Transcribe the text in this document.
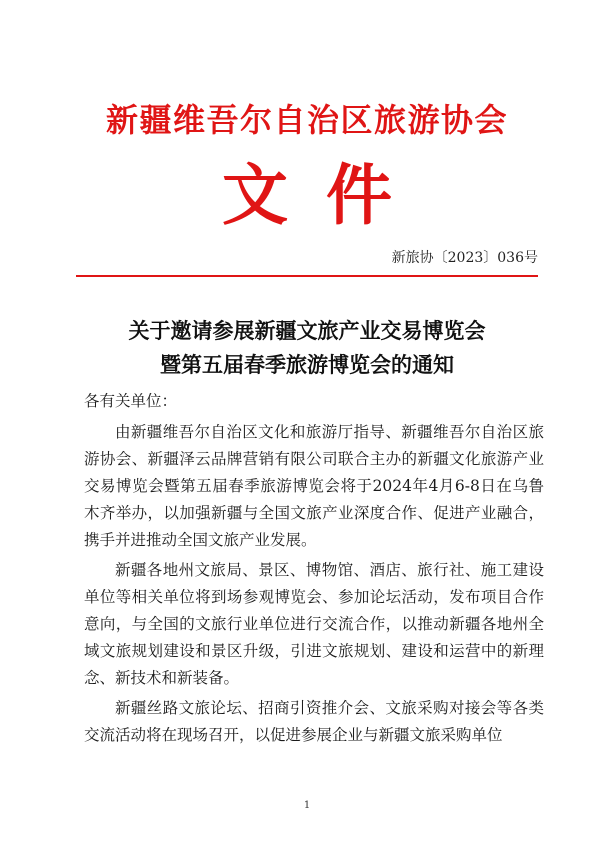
新疆维吾尔自治区旅游协会
文件
新旅协〔2023〕036号
关于邀请参展新疆文旅产业交易博览会
暨第五届春季旅游博览会的通知

各有关单位：

由新疆维吾尔自治区文化和旅游厅指导、新疆维吾尔自治区旅游协会、新疆泽云品牌营销有限公司联合主办的新疆文化旅游产业交易博览会暨第五届春季旅游博览会将于2024年4月6-8日在乌鲁木齐举办，以加强新疆与全国文旅产业深度合作、促进产业融合，携手并进推动全国文旅产业发展。

新疆各地州文旅局、景区、博物馆、酒店、旅行社、施工建设单位等相关单位将到场参观博览会、参加论坛活动，发布项目合作意向，与全国的文旅行业单位进行交流合作，以推动新疆各地州全域文旅规划建设和景区升级，引进文旅规划、建设和运营中的新理念、新技术和新装备。

新疆丝路文旅论坛、招商引资推介会、文旅采购对接会等各类交流活动将在现场召开，以促进参展企业与新疆文旅采购单位

1
